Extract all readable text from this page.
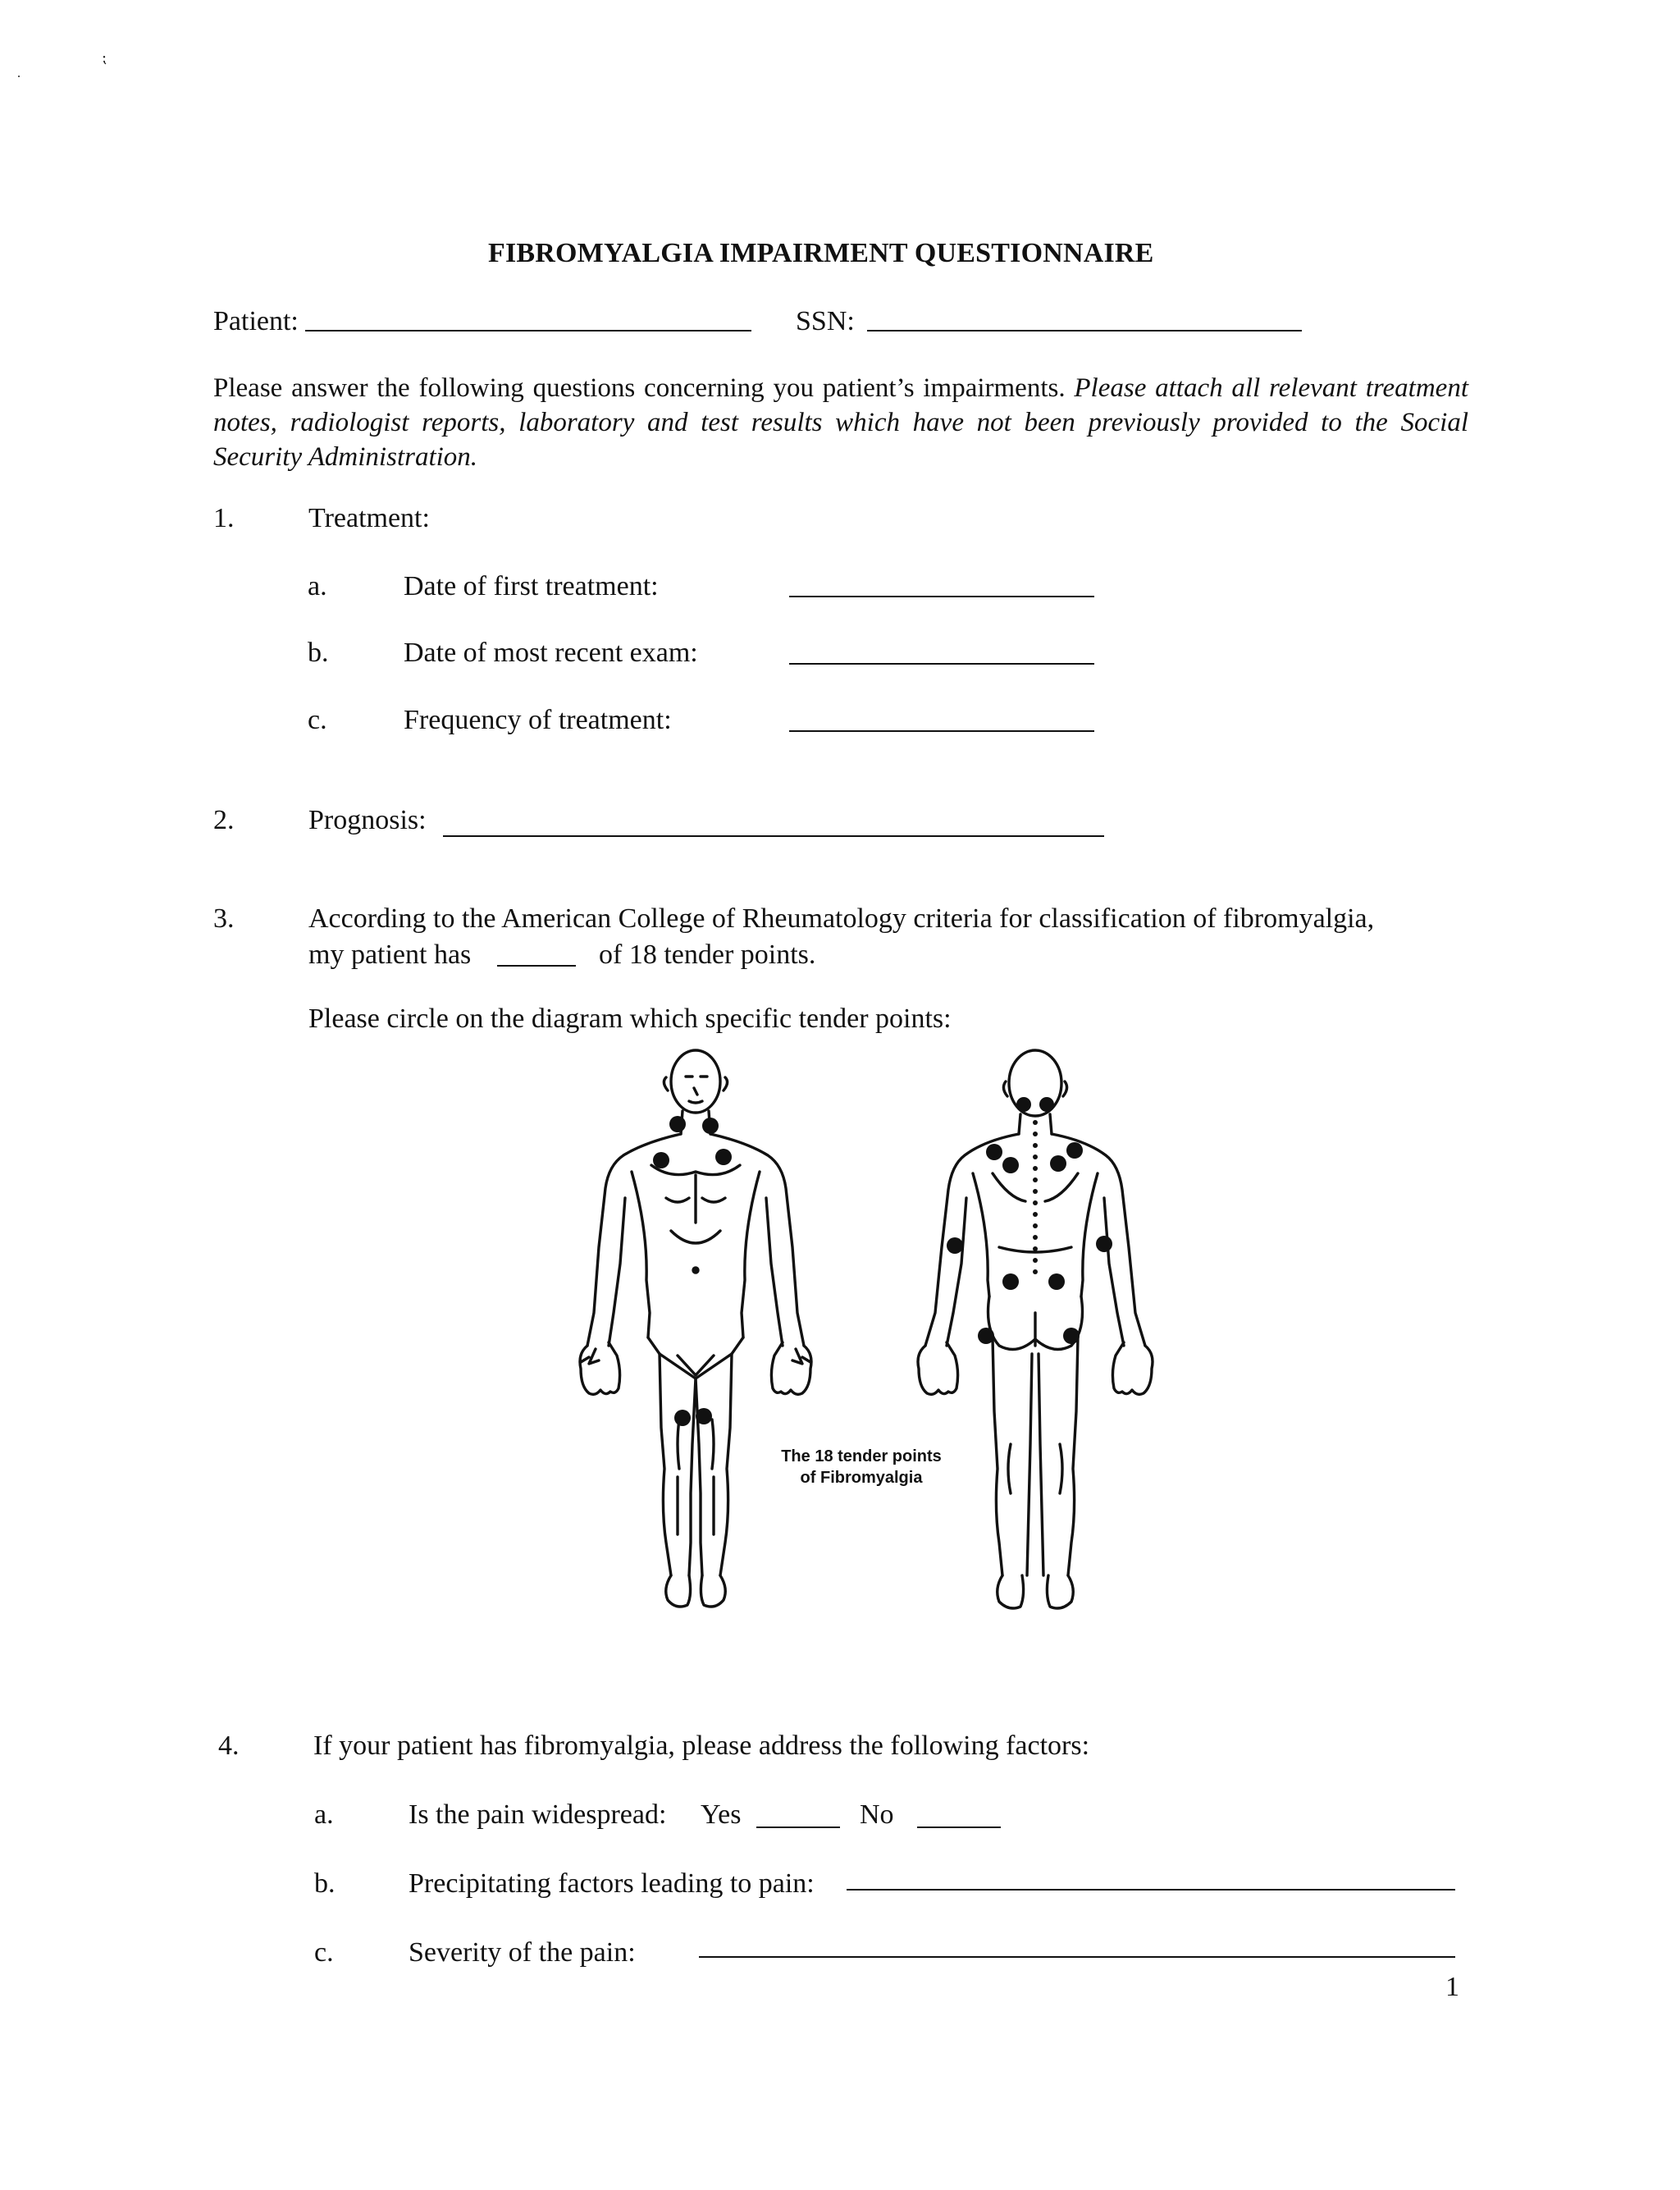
⁏
˙
FIBROMYALGIA IMPAIRMENT QUESTIONNAIRE
Patient:	SSN:
Please answer the following questions concerning you patient’s impairments. Please attach all relevant treatment notes, radiologist reports, laboratory and test results which have not been previously provided to the Social Security Administration.
1.	Treatment:
a.	Date of first treatment:
b.	Date of most recent exam:
c.	Frequency of treatment:
2.	Prognosis:
3.	According to the American College of Rheumatology criteria for classification of fibromyalgia,
my patient has	of 18 tender points.
Please circle on the diagram which specific tender points:
The 18 tender points
of Fibromyalgia
4.	If your patient has fibromyalgia, please address the following factors:
a.	Is the pain widespread: Yes	No
b.	Precipitating factors leading to pain:
c.	Severity of the pain:
1
